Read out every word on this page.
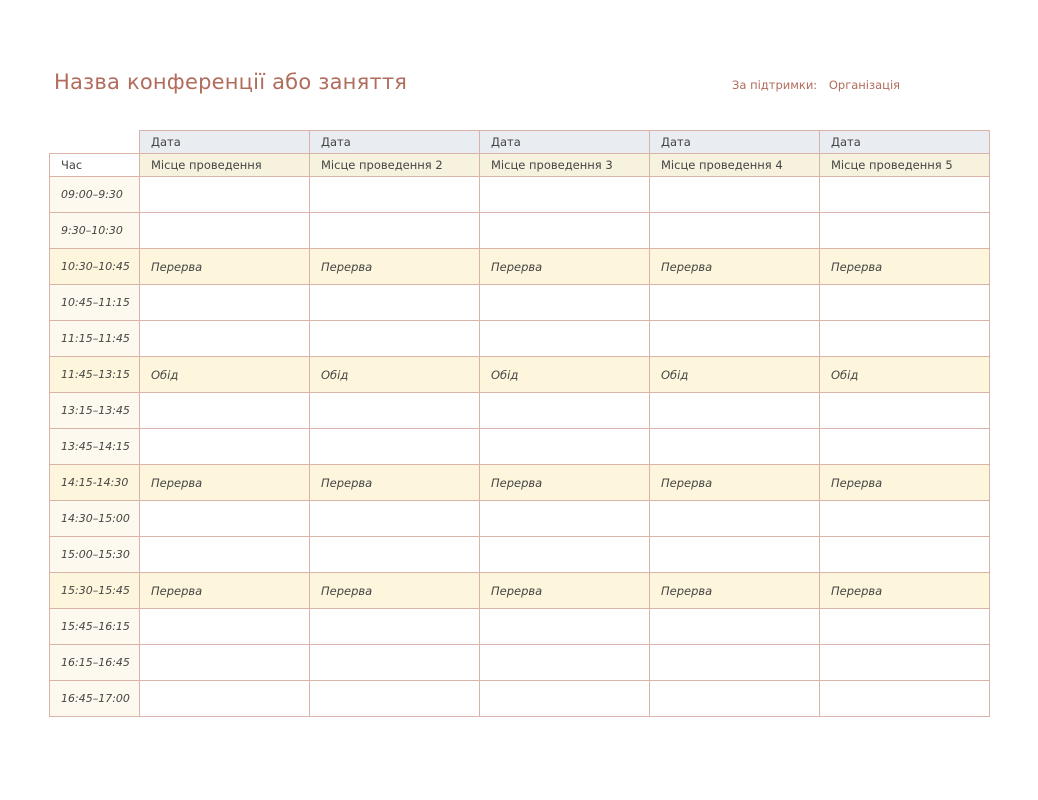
Назва конференції або заняття	За підтримки: Організація
	Дата	Дата	Дата	Дата	Дата
Час	Місце проведення	Місце проведення 2	Місце проведення 3	Місце проведення 4	Місце проведення 5
09:00–9:30					
9:30–10:30					
10:30–10:45	Перерва	Перерва	Перерва	Перерва	Перерва
10:45–11:15					
11:15–11:45					
11:45–13:15	Обід	Обід	Обід	Обід	Обід
13:15–13:45					
13:45–14:15					
14:15-14:30	Перерва	Перерва	Перерва	Перерва	Перерва
14:30–15:00					
15:00–15:30					
15:30–15:45	Перерва	Перерва	Перерва	Перерва	Перерва
15:45–16:15					
16:15–16:45					
16:45–17:00					
